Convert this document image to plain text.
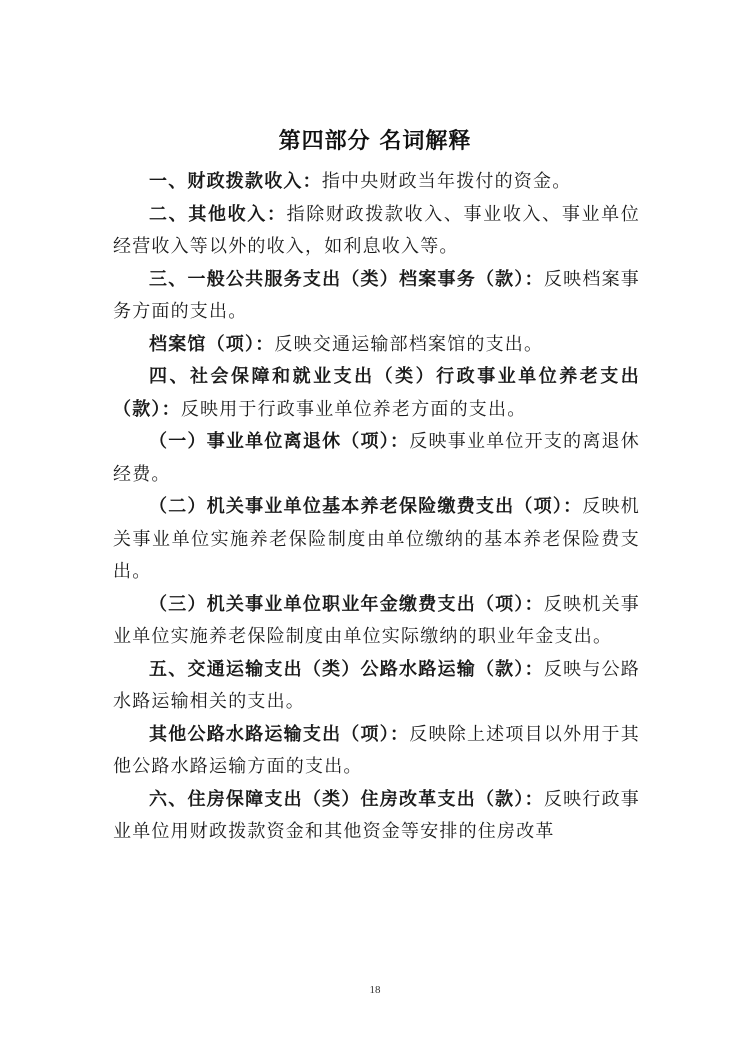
第四部分 名词解释

一、财政拨款收入：指中央财政当年拨付的资金。

二、其他收入：指除财政拨款收入、事业收入、事业单位经营收入等以外的收入，如利息收入等。

三、一般公共服务支出（类）档案事务（款）：反映档案事务方面的支出。

档案馆（项）：反映交通运输部档案馆的支出。

四、社会保障和就业支出（类）行政事业单位养老支出（款）：反映用于行政事业单位养老方面的支出。

（一）事业单位离退休（项）：反映事业单位开支的离退休经费。

（二）机关事业单位基本养老保险缴费支出（项）：反映机关事业单位实施养老保险制度由单位缴纳的基本养老保险费支出。

（三）机关事业单位职业年金缴费支出（项）：反映机关事业单位实施养老保险制度由单位实际缴纳的职业年金支出。

五、交通运输支出（类）公路水路运输（款）：反映与公路水路运输相关的支出。

其他公路水路运输支出（项）：反映除上述项目以外用于其他公路水路运输方面的支出。

六、住房保障支出（类）住房改革支出（款）：反映行政事业单位用财政拨款资金和其他资金等安排的住房改革

18
